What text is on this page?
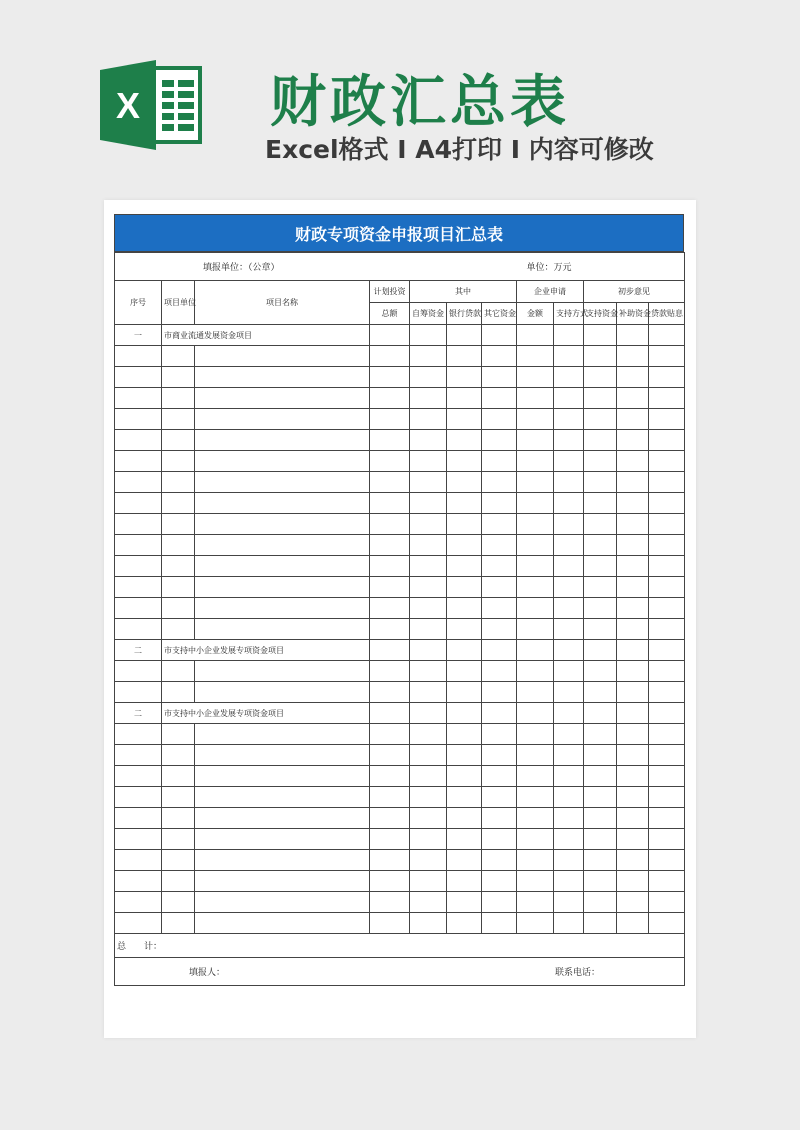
X 财政汇总表
Excel格式 I A4打印 I 内容可修改
财政专项资金申报项目汇总表
填报单位：（公章）							单位：万元				
序号	项目单位	项目名称	计划投资	其中			企业申请		初步意见		
			总额	自筹资金	银行贷款	其它资金	金额	支持方式	支持资金	补助资金	贷款贴息
一	市商业流通发展资金项目										

二	市支持中小企业发展专项资金项目										

二	市支持中小企业发展专项资金项目										

总　　计：											
填报人： 联系电话：											
